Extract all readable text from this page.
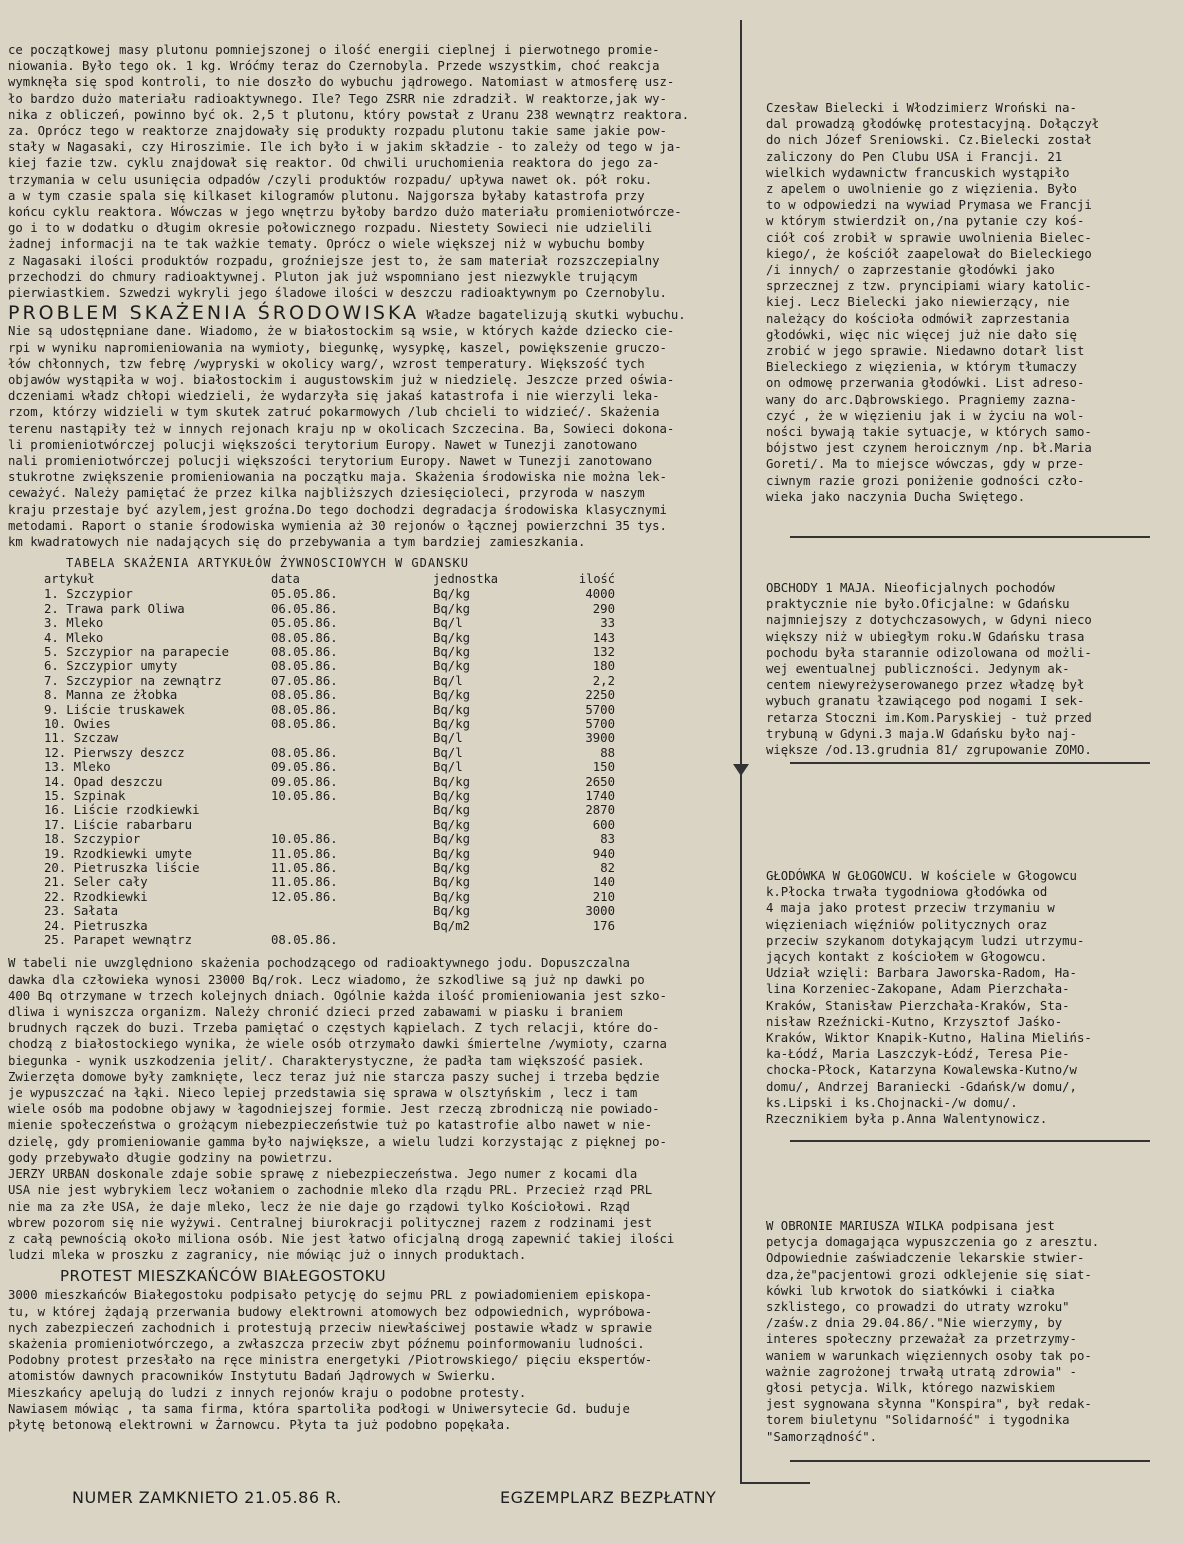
ce początkowej masy plutonu pomniejszonej o ilość energii cieplnej i pierwotnego promie-
niowania. Było tego ok. 1 kg. Wróćmy teraz do Czernobyla. Przede wszystkim, choć reakcja
wymknęła się spod kontroli, to nie doszło do wybuchu jądrowego. Natomiast w atmosferę usz-
ło bardzo dużo materiału radioaktywnego. Ile? Tego ZSRR nie zdradził. W reaktorze,jak wy-
nika z obliczeń, powinno być ok. 2,5 t plutonu, który powstał z Uranu 238 wewnątrz reaktora.
za. Oprócz tego w reaktorze znajdowały się produkty rozpadu plutonu takie same jakie pow-
stały w Nagasaki, czy Hiroszimie. Ile ich było i w jakim składzie - to zależy od tego w ja-
kiej fazie tzw. cyklu znajdował się reaktor. Od chwili uruchomienia reaktora do jego za-
trzymania w celu usunięcia odpadów /czyli produktów rozpadu/ upływa nawet ok. pół roku.
a w tym czasie spala się kilkaset kilogramów plutonu. Najgorsza byłaby katastrofa przy
końcu cyklu reaktora. Wówczas w jego wnętrzu byłoby bardzo dużo materiału promieniotwórcze-
go i to w dodatku o długim okresie połowicznego rozpadu. Niestety Sowieci nie udzielili
żadnej informacji na te tak ważkie tematy. Oprócz o wiele większej niż w wybuchu bomby
z Nagasaki ilości produktów rozpadu, groźniejsze jest to, że sam materiał rozszczepialny
przechodzi do chmury radioaktywnej. Pluton jak już wspomniano jest niezwykle trującym
pierwiastkiem. Szwedzi wykryli jego śladowe ilości w deszczu radioaktywnym po Czernobylu.

PROBLEM SKAŻENIA ŚRODOWISKA Władze bagatelizują skutki wybuchu.

Nie są udostępniane dane. Wiadomo, że w białostockim są wsie, w których każde dziecko cie-
rpi w wyniku napromieniowania na wymioty, biegunkę, wysypkę, kaszel, powiększenie gruczo-
łów chłonnych, tzw febrę /wypryski w okolicy warg/, wzrost temperatury. Większość tych
objawów wystąpiła w woj. białostockim i augustowskim już w niedzielę. Jeszcze przed oświa-
dczeniami władz chłopi wiedzieli, że wydarzyła się jakaś katastrofa i nie wierzyli leka-
rzom, którzy widzieli w tym skutek zatruć pokarmowych /lub chcieli to widzieć/. Skażenia
terenu nastąpiły też w innych rejonach kraju np w okolicach Szczecina. Ba, Sowieci dokona-
li promieniotwórczej polucji większości terytorium Europy. Nawet w Tunezji zanotowano
nali promieniotwórczej polucji większości terytorium Europy. Nawet w Tunezji zanotowano
stukrotne zwiększenie promieniowania na początku maja. Skażenia środowiska nie można lek-
ceważyć. Należy pamiętać że przez kilka najbliższych dziesięcioleci, przyroda w naszym
kraju przestaje być azylem,jest groźna.Do tego dochodzi degradacja środowiska klasycznymi
metodami. Raport o stanie środowiska wymienia aż 30 rejonów o łącznej powierzchni 35 tys.
km kwadratowych nie nadających się do przebywania a tym bardziej zamieszkania.

TABELA SKAŻENIA ARTYKUŁÓW ŻYWNOSCIOWYCH W GDANSKU
artykuł	data	jednostka	ilość
1. Szczypior	05.05.86.	Bq/kg	4000
2. Trawa park Oliwa	06.05.86.	Bq/kg	290
3. Mleko	05.05.86.	Bq/l	33
4. Mleko	08.05.86.	Bq/kg	143
5. Szczypior na parapecie	08.05.86.	Bq/kg	132
6. Szczypior umyty	08.05.86.	Bq/kg	180
7. Szczypior na zewnątrz	07.05.86.	Bq/l	2,2
8. Manna ze żłobka	08.05.86.	Bq/kg	2250
9. Liście truskawek	08.05.86.	Bq/kg	5700
10. Owies	08.05.86.	Bq/kg	5700
11. Szczaw		Bq/l	3900
12. Pierwszy deszcz	08.05.86.	Bq/l	88
13. Mleko	09.05.86.	Bq/l	150
14. Opad deszczu	09.05.86.	Bq/kg	2650
15. Szpinak	10.05.86.	Bq/kg	1740
16. Liście rzodkiewki		Bq/kg	2870
17. Liście rabarbaru		Bq/kg	600
18. Szczypior	10.05.86.	Bq/kg	83
19. Rzodkiewki umyte	11.05.86.	Bq/kg	940
20. Pietruszka liście	11.05.86.	Bq/kg	82
21. Seler cały	11.05.86.	Bq/kg	140
22. Rzodkiewki	12.05.86.	Bq/kg	210
23. Sałata		Bq/kg	3000
24. Pietruszka		Bq/m2	176
25. Parapet wewnątrz	08.05.86.		

W tabeli nie uwzględniono skażenia pochodzącego od radioaktywnego jodu. Dopuszczalna
dawka dla człowieka wynosi 23000 Bq/rok. Lecz wiadomo, że szkodliwe są już np dawki po
400 Bq otrzymane w trzech kolejnych dniach. Ogólnie każda ilość promieniowania jest szko-
dliwa i wyniszcza organizm. Należy chronić dzieci przed zabawami w piasku i braniem
brudnych rączek do buzi. Trzeba pamiętać o częstych kąpielach. Z tych relacji, które do-
chodzą z białostockiego wynika, że wiele osób otrzymało dawki śmiertelne /wymioty, czarna
biegunka - wynik uszkodzenia jelit/. Charakterystyczne, że padła tam większość pasiek.
Zwierzęta domowe były zamknięte, lecz teraz już nie starcza paszy suchej i trzeba będzie
je wypuszczać na łąki. Nieco lepiej przedstawia się sprawa w olsztyńskim , lecz i tam
wiele osób ma podobne objawy w łagodniejszej formie. Jest rzeczą zbrodniczą nie powiado-
mienie społeczeństwa o grożącym niebezpieczeństwie tuż po katastrofie albo nawet w nie-
dzielę, gdy promieniowanie gamma było największe, a wielu ludzi korzystając z pięknej po-
gody przebywało długie godziny na powietrzu.
JERZY URBAN doskonale zdaje sobie sprawę z niebezpieczeństwa. Jego numer z kocami dla
USA nie jest wybrykiem lecz wołaniem o zachodnie mleko dla rządu PRL. Przecież rząd PRL
nie ma za złe USA, że daje mleko, lecz że nie daje go rządowi tylko Kościołowi. Rząd
wbrew pozorom się nie wyżywi. Centralnej biurokracji politycznej razem z rodzinami jest
z całą pewnością około miliona osób. Nie jest łatwo oficjalną drogą zapewnić takiej ilości
ludzi mleka w proszku z zagranicy, nie mówiąc już o innych produktach.

PROTEST MIESZKAŃCÓW BIAŁEGOSTOKU

3000 mieszkańców Białegostoku podpisało petycję do sejmu PRL z powiadomieniem episkopa-
tu, w której żądają przerwania budowy elektrowni atomowych bez odpowiednich, wypróbowa-
nych zabezpieczeń zachodnich i protestują przeciw niewłaściwej postawie władz w sprawie
skażenia promieniotwórczego, a zwłaszcza przeciw zbyt późnemu poinformowaniu ludności.
Podobny protest przesłało na ręce ministra energetyki /Piotrowskiego/ pięciu ekspertów-
atomistów dawnych pracowników Instytutu Badań Jądrowych w Swierku.
Mieszkańcy apelują do ludzi z innych rejonów kraju o podobne protesty.
Nawiasem mówiąc , ta sama firma, która spartoliła podłogi w Uniwersytecie Gd. buduje
płytę betonową elektrowni w Żarnowcu. Płyta ta już podobno popękała.

Czesław Bielecki i Włodzimierz Wroński na-
dal prowadzą głodówkę protestacyjną. Dołączył
do nich Józef Sreniowski. Cz.Bielecki został
zaliczony do Pen Clubu USA i Francji. 21
wielkich wydawnictw francuskich wystąpiło
z apelem o uwolnienie go z więzienia. Było
to w odpowiedzi na wywiad Prymasa we Francji
w którym stwierdził on,/na pytanie czy koś-
ciół coś zrobił w sprawie uwolnienia Bielec-
kiego/, że kościół zaapelował do Bieleckiego
/i innych/ o zaprzestanie głodówki jako
sprzecznej z tzw. pryncipiami wiary katolic-
kiej. Lecz Bielecki jako niewierzący, nie
należący do kościoła odmówił zaprzestania
głodówki, więc nic więcej już nie dało się
zrobić w jego sprawie. Niedawno dotarł list
Bieleckiego z więzienia, w którym tłumaczy
on odmowę przerwania głodówki. List adreso-
wany do arc.Dąbrowskiego. Pragniemy zazna-
czyć , że w więzieniu jak i w życiu na wol-
ności bywają takie sytuacje, w których samo-
bójstwo jest czynem heroicznym /np. bł.Maria
Goreti/. Ma to miejsce wówczas, gdy w prze-
ciwnym razie grozi poniżenie godności czło-
wieka jako naczynia Ducha Swiętego.
OBCHODY 1 MAJA. Nieoficjalnych pochodów
praktycznie nie było.Oficjalne: w Gdańsku
najmniejszy z dotychczasowych, w Gdyni nieco
większy niż w ubiegłym roku.W Gdańsku trasa
pochodu była starannie odizolowana od możli-
wej ewentualnej publiczności. Jedynym ak-
centem niewyreżyserowanego przez władzę był
wybuch granatu łzawiącego pod nogami I sek-
retarza Stoczni im.Kom.Paryskiej - tuż przed
trybuną w Gdyni.3 maja.W Gdańsku było naj-
większe /od.13.grudnia 81/ zgrupowanie ZOMO.
GŁODÓWKA W GŁOGOWCU. W kościele w Głogowcu
k.Płocka trwała tygodniowa głodówka od
4 maja jako protest przeciw trzymaniu w
więzieniach więźniów politycznych oraz
przeciw szykanom dotykającym ludzi utrzymu-
jących kontakt z kościołem w Głogowcu.
Udział wzięli: Barbara Jaworska-Radom, Ha-
lina Korzeniec-Zakopane, Adam Pierzchała-
Kraków, Stanisław Pierzchała-Kraków, Sta-
nisław Rzeźnicki-Kutno, Krzysztof Jaśko-
Kraków, Wiktor Knapik-Kutno, Halina Mielińs-
ka-Łódź, Maria Laszczyk-Łódź, Teresa Pie-
chocka-Płock, Katarzyna Kowalewska-Kutno/w
domu/, Andrzej Baraniecki -Gdańsk/w domu/,
ks.Lipski i ks.Chojnacki-/w domu/.
Rzecznikiem była p.Anna Walentynowicz.
W OBRONIE MARIUSZA WILKA podpisana jest
petycja domagająca wypuszczenia go z aresztu.
Odpowiednie zaświadczenie lekarskie stwier-
dza,że"pacjentowi grozi odklejenie się siat-
kówki lub krwotok do siatkówki i ciałka
szklistego, co prowadzi do utraty wzroku"
/zaśw.z dnia 29.04.86/."Nie wierzymy, by
interes społeczny przeważał za przetrzymy-
waniem w warunkach więziennych osoby tak po-
ważnie zagrożonej trwałą utratą zdrowia" -
głosi petycja. Wilk, którego nazwiskiem
jest sygnowana słynna "Konspira", był redak-
torem biuletynu "Solidarność" i tygodnika
"Samorządność".
NUMER ZAMKNIETO 21.05.86 R.	EGZEMPLARZ BEZPŁATNY
